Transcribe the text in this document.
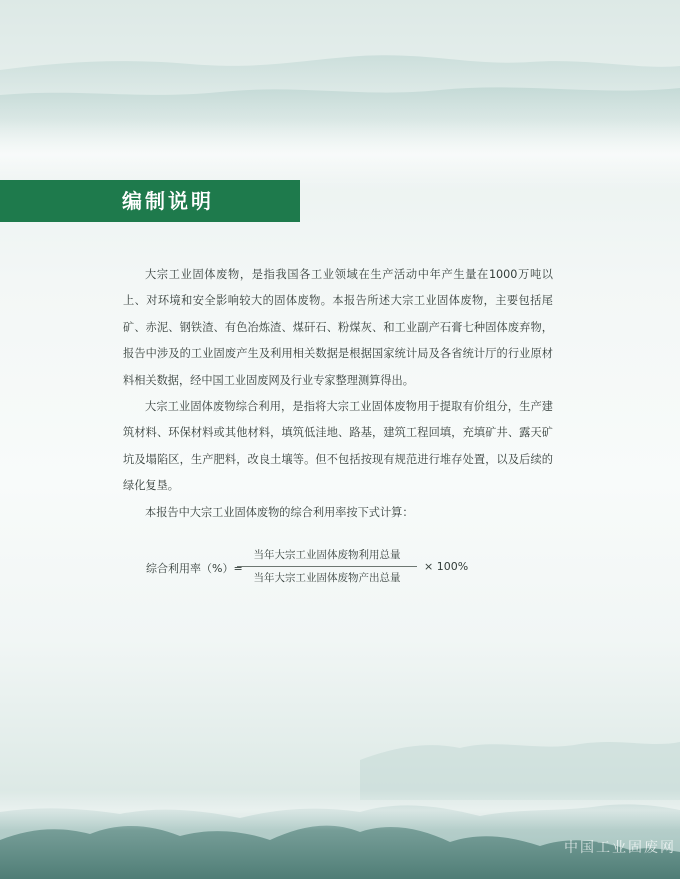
编制说明

大宗工业固体废物，是指我国各工业领域在生产活动中年产生量在1000万吨以上、对环境和安全影响较大的固体废物。本报告所述大宗工业固体废物，主要包括尾矿、赤泥、钢铁渣、有色冶炼渣、煤矸石、粉煤灰、和工业副产石膏七种固体废弃物，报告中涉及的工业固废产生及利用相关数据是根据国家统计局及各省统计厅的行业原材料相关数据，经中国工业固废网及行业专家整理测算得出。

大宗工业固体废物综合利用，是指将大宗工业固体废物用于提取有价组分，生产建筑材料、环保材料或其他材料，填筑低洼地、路基，建筑工程回填，充填矿井、露天矿坑及塌陷区，生产肥料，改良土壤等。但不包括按现有规范进行堆存处置，以及后续的绿化复垦。

本报告中大宗工业固体废物的综合利用率按下式计算：

综合利用率（%）=
当年大宗工业固体废物利用总量
当年大宗工业固体废物产出总量
× 100%
中国工业固废网
